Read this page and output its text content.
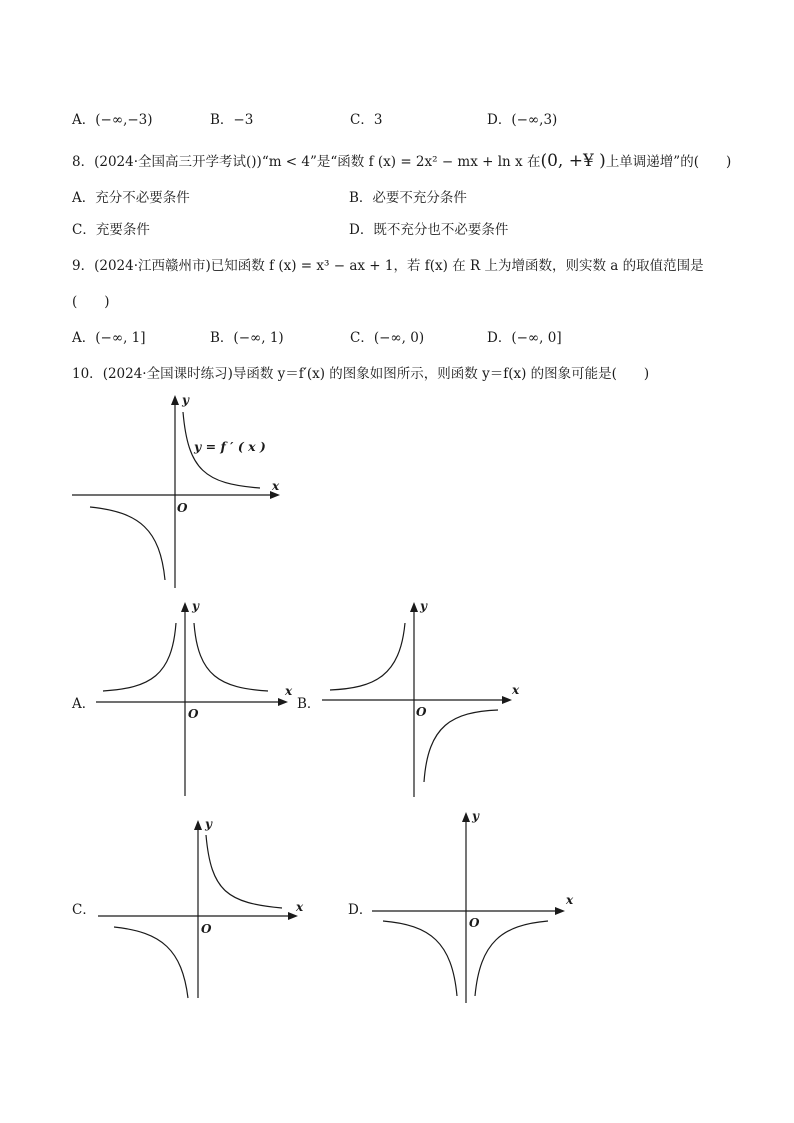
A．(−∞,−3)	B．−3	C．3	D．(−∞,3)
8．(2024·全国高三开学考试())“m < 4”是“函数 f (x) = 2x² − mx + ln x 在(0, +¥ )上单调递增”的(　　)
A．充分不必要条件	B．必要不充分条件
C．充要条件	D．既不充分也不必要条件
9．(2024·江西赣州市)已知函数 f (x) = x³ − ax + 1，若 f(x) 在 R 上为增函数，则实数 a 的取值范围是
(　　)
A．(−∞, 1]	B．(−∞, 1)	C．(−∞, 0)	D．(−∞, 0]
10．(2024·全国课时练习)导函数 y＝f′(x) 的图象如图所示，则函数 y＝f(x) 的图象可能是(　　)
y
x
O
y = f ′ ( x )
A．
y
x
O
B．
y
x
O
C．
y
x
O
D．
y
x
O
